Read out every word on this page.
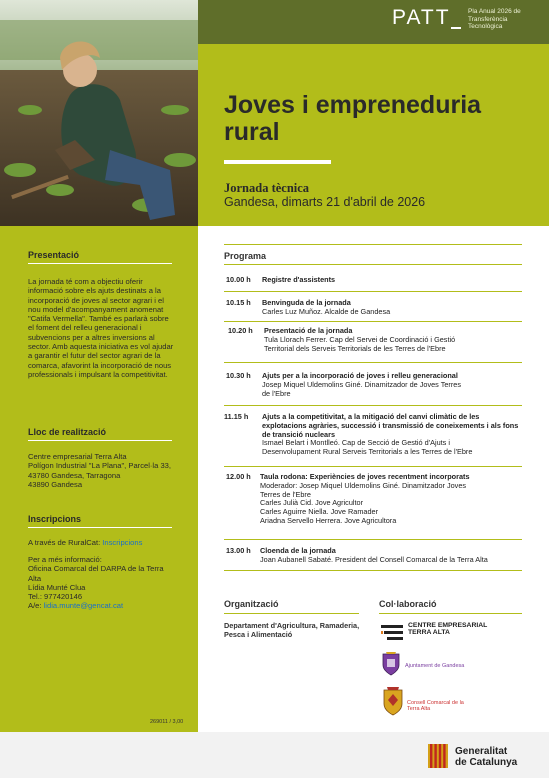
PATT	Pla Anual 2026 de Transferència Tecnològica
Joves i empreneduria rural
Jornada tècnica
Gandesa, dimarts 21 d'abril de 2026
Presentació
La jornada té com a objectiu oferir informació sobre els ajuts destinats a la incorporació de joves al sector agrari i el nou model d'acompanyament anomenat "Catifa Vermella". També es parlarà sobre el foment del relleu generacional i subvencions per a altres inversions al sector. Amb aquesta iniciativa es vol ajudar a garantir el futur del sector agrari de la comarca, afavorint la incorporació de nous professionals i impulsant la competitivitat.
Lloc de realització
Centre empresarial Terra Alta
Polígon Industrial "La Plana", Parcel·la 33, 43780 Gandesa, Tarragona
43890 Gandesa
Inscripcions
A través de RuralCat: Inscripcions
Per a més informació:
Oficina Comarcal del DARPA de la Terra Alta
Lídia Munté Clua
Tel.: 977420146
A/e: lidia.munte@gencat.cat
269011 / 3,00
Programa
10.00 h Registre d'assistents
10.15 h Benvinguda de la jornada
Carles Luz Muñoz. Alcalde de Gandesa
10.20 h Presentació de la jornada
Tula Llorach Ferrer. Cap del Servei de Coordinació i Gestió
Territorial dels Serveis Territorials de les Terres de l'Ebre
10.30 h Ajuts per a la incorporació de joves i relleu generacional
Josep Miquel Uldemolins Giné. Dinamitzador de Joves Terres
de l'Ebre
11.15 h Ajuts a la competitivitat, a la mitigació del canvi climàtic de les explotacions agràries, successió i transmissió de coneixements i als fons de transició nuclears
Ismael Belart i Montlleó. Cap de Secció de Gestió d'Ajuts i
Desenvolupament Rural Serveis Territorials a les Terres de l'Ebre
12.00 h Taula rodona: Experiències de joves recentment incorporats
Moderador: Josep Miquel Uldemolins Giné. Dinamitzador Joves
Terres de l'Ebre
Carles Julià Cid. Jove Agricultor
Carles Aguirre Niella. Jove Ramader
Ariadna Servello Herrera. Jove Agricultora
13.00 h Cloenda de la jornada
Joan Aubanell Sabaté. President del Consell Comarcal de la Terra Alta
Organització
Departament d'Agricultura, Ramaderia, Pesca i Alimentació
Col·laboració
CENTRE EMPRESARIAL TERRA ALTA
Ajuntament de Gandesa
Consell Comarcal de la Terra Alta
Generalitat
de Catalunya
